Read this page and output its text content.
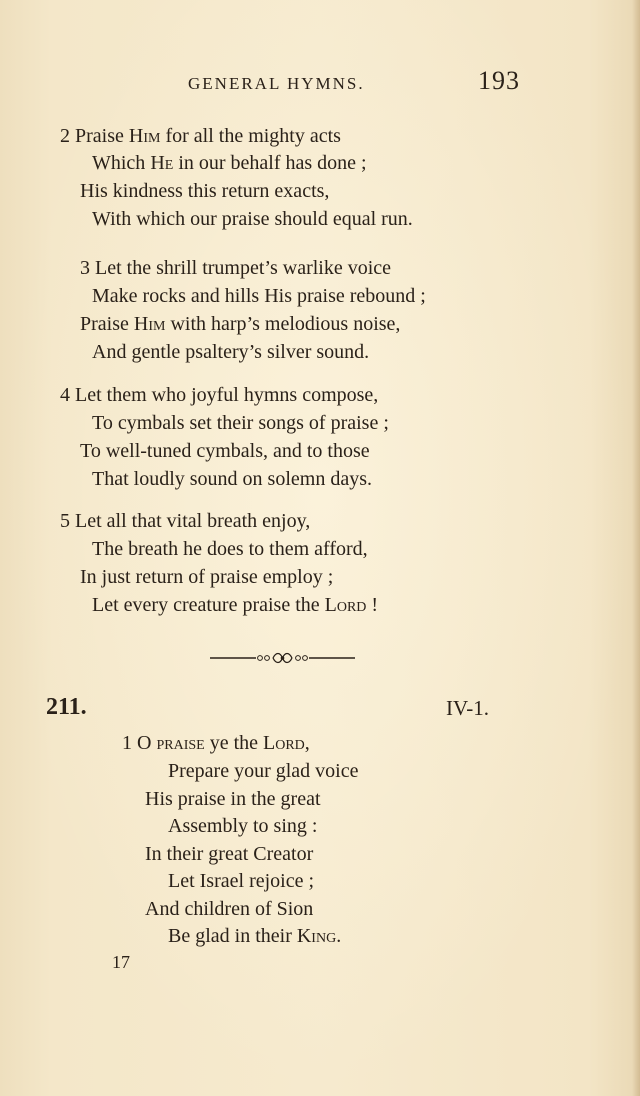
GENERAL HYMNS.	193
2 Praise Him for all the mighty acts
Which He in our behalf has done ;
His kindness this return exacts,
With which our praise should equal run.
3 Let the shrill trumpet’s warlike voice
Make rocks and hills His praise rebound ;
Praise Him with harp’s melodious noise,
And gentle psaltery’s silver sound.
4 Let them who joyful hymns compose,
To cymbals set their songs of praise ;
To well-tuned cymbals, and to those
That loudly sound on solemn days.
5 Let all that vital breath enjoy,
The breath he does to them afford,
In just return of praise employ ;
Let every creature praise the Lord !
211.	IV-1.
1 O praise ye the Lord,
Prepare your glad voice
His praise in the great
Assembly to sing :
In their great Creator
Let Israel rejoice ;
And children of Sion
Be glad in their King.
17
